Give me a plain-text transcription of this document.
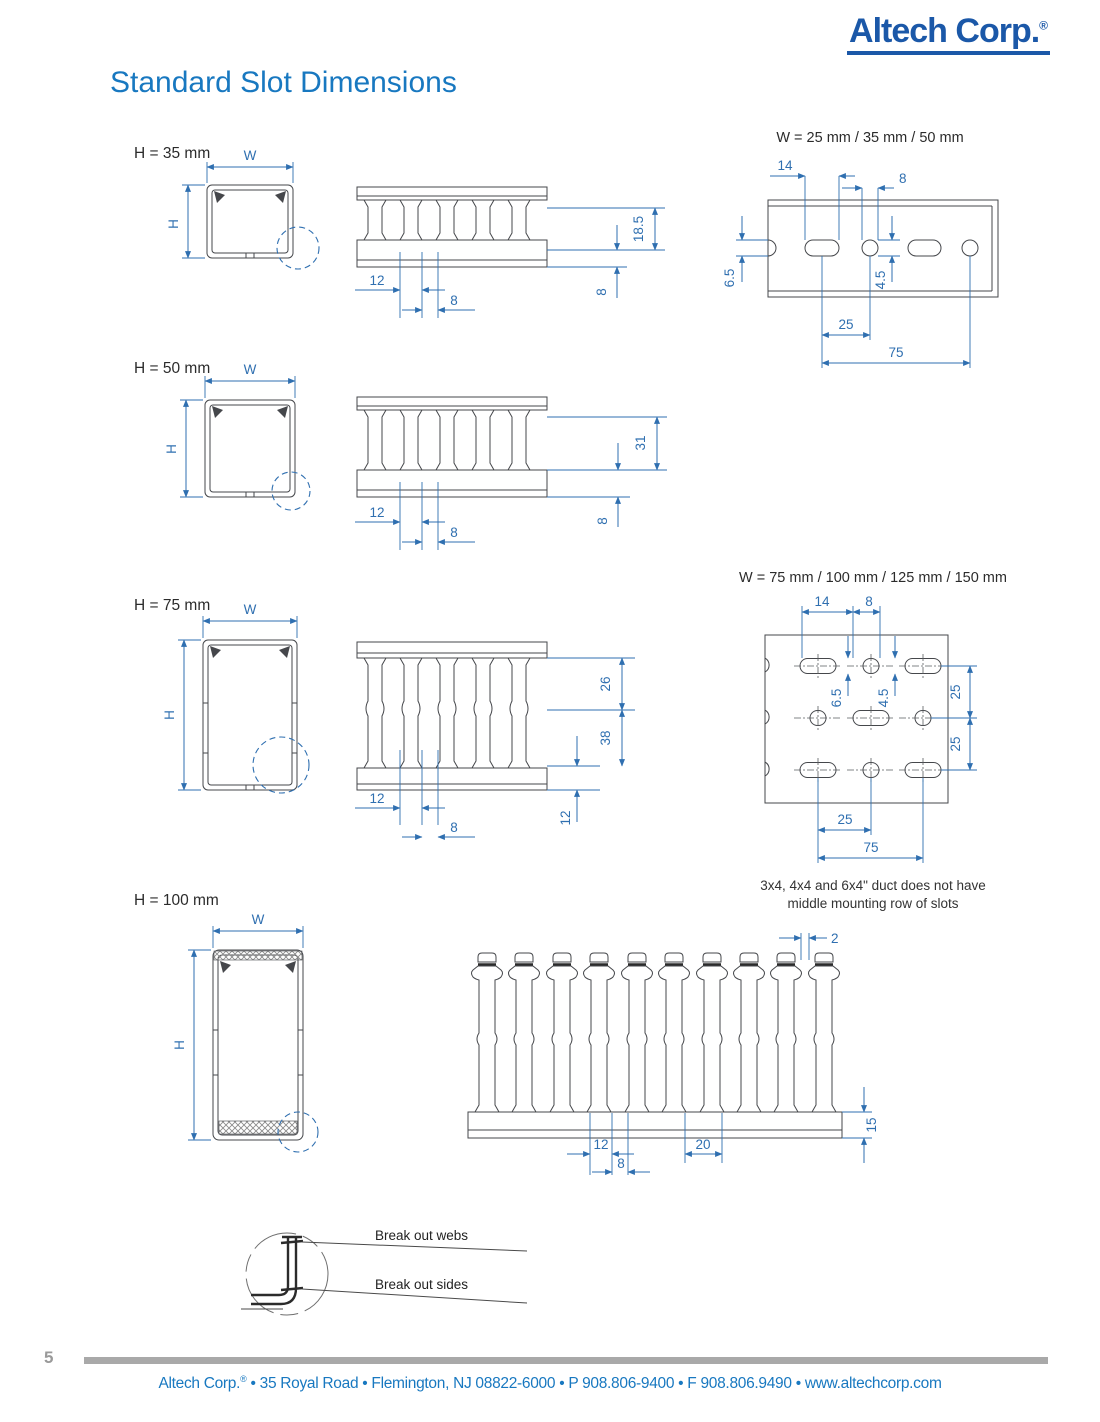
Altech Corp.®
Standard Slot Dimensions
H = 35 mm W
H	18.5
8
12
8
H = 50 mm W
H	31
8
12
8
H = 75 mm W
H
26
38
12
12
8
H = 100 mm
W
H
2
15
12
8
20
W = 25 mm / 35 mm / 50 mm
14
8
6.5	4.5
25
75
W = 75 mm / 100 mm / 125 mm / 150 mm
14	8
6.5 4.5	25
25
25
75
3x4, 4x4 and 6x4" duct does not have
middle mounting row of slots
Break out webs
Break out sides
5
Altech Corp.® • 35 Royal Road • Flemington, NJ 08822-6000 • P 908.806-9400 • F 908.806.9490 • www.altechcorp.com
